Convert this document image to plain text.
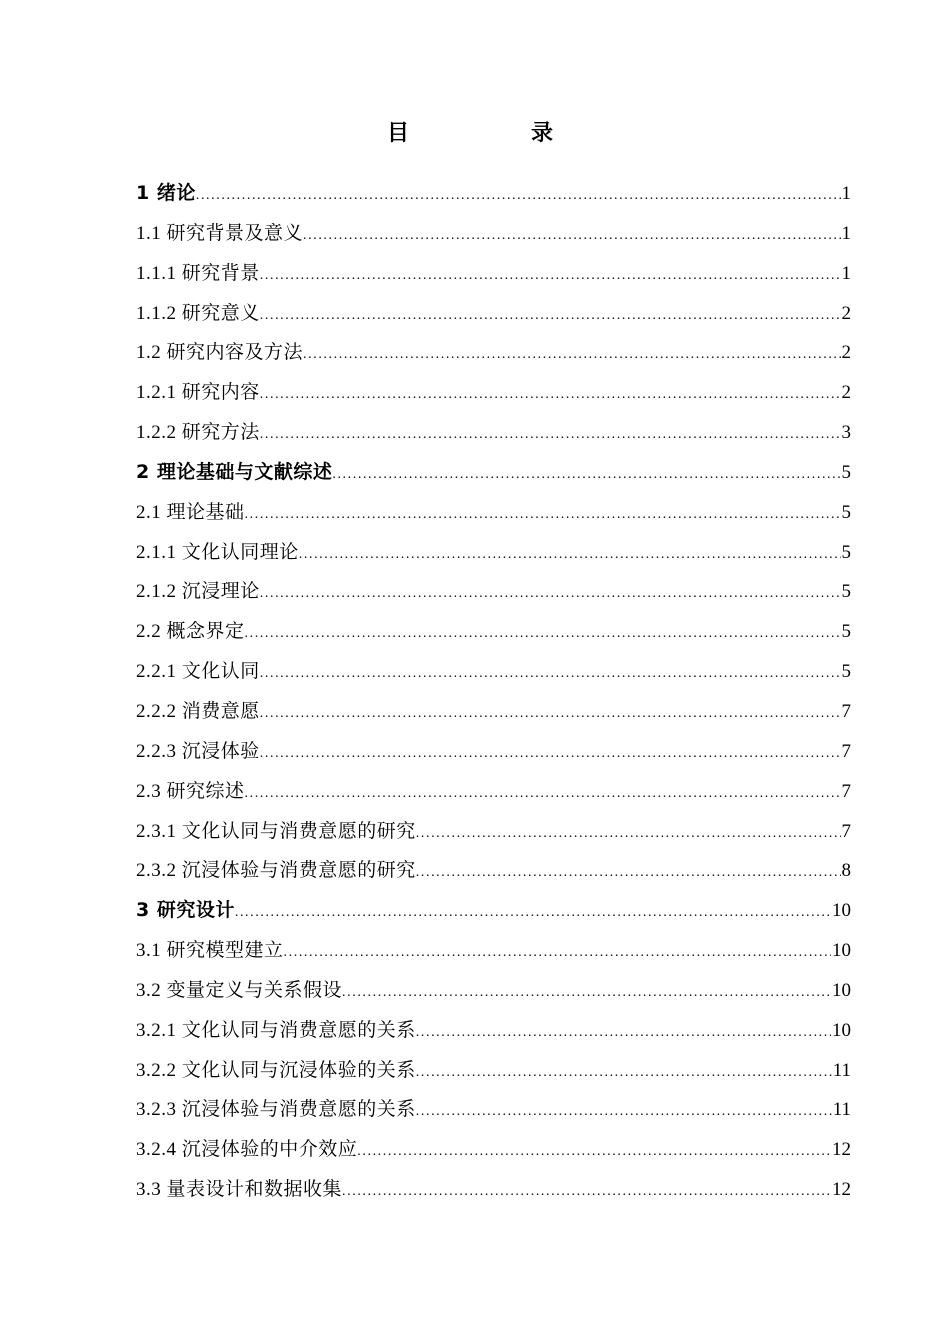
目　录
1 绪论 .....	1
1.1 研究背景及意义 .....	1
1.1.1 研究背景 .....	1
1.1.2 研究意义 .....	2
1.2 研究内容及方法 .....	2
1.2.1 研究内容 .....	2
1.2.2 研究方法 .....	3
2 理论基础与文献综述 .....	5
2.1 理论基础 .....	5
2.1.1 文化认同理论 .....	5
2.1.2 沉浸理论 .....	5
2.2 概念界定 .....	5
2.2.1 文化认同 .....	5
2.2.2 消费意愿 .....	7
2.2.3 沉浸体验 .....	7
2.3 研究综述 .....	7
2.3.1 文化认同与消费意愿的研究 .....	7
2.3.2 沉浸体验与消费意愿的研究 .....	8
3 研究设计 .....	10
3.1 研究模型建立 .....	10
3.2 变量定义与关系假设 .....	10
3.2.1 文化认同与消费意愿的关系 .....	10
3.2.2 文化认同与沉浸体验的关系 .....	11
3.2.3 沉浸体验与消费意愿的关系 .....	11
3.2.4 沉浸体验的中介效应 .....	12
3.3 量表设计和数据收集 .....	12
